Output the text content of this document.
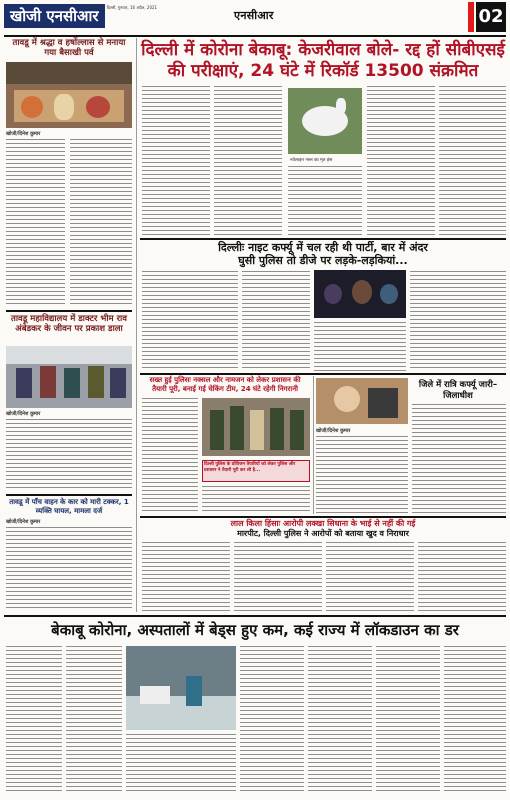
खोजी एनसीआर
गाज़ियाबाद, दिल्ली, गुरुवार, 16 अप्रैल, 2021
एनसीआर	02
तावडू में श्रद्धा व हर्षोल्लास से मनाया गया बैसाखी पर्व
खोजी/दिनेश कुमार
तावडू महाविद्यालय में डाक्टर भीम राव अंबेडकर के जीवन पर प्रकाश डाला
खोजी/दिनेश कुमार
तावडू में पाँच वाहन के कार को मारी टक्कर, 1 व्यक्ति घायल, मामला दर्ज
खोजी/दिनेश कुमार
दिल्ली में कोरोना बेकाबू: केजरीवाल बोले- रद्द हों सीबीएसई
की परीक्षाएं, 24 घंटे में रिकॉर्ड 13500 संक्रमित
नवेलाइन नस्ल का मृत हंस
दिल्लीः नाइट कर्फ्यू में चल रही थी पार्टी, बार में अंदर
घुसी पुलिस तो डीजे पर लड़के-लड़कियां...
सख्त हुई पुलिसः नक्सल और नामजन को लेकर प्रशासन की
तैयारी पूरी, बनाई गई चेकिंग टीम, 24 घंटे रहेगी निगरानी
दिल्ली पुलिस के प्रोविजन तैयारियों को लेकर पुलिस और प्रशासन ने तैयारी पूरी कर ली है...
जिले में रात्रि कर्फ्यू जारी–जिलाधीश
खोजी/दिनेश कुमार
लाल किला हिंसाः आरोपी लक्खा सिधाना के भाई से नहीं की गई
मारपीट, दिल्ली पुलिस ने आरोपों को बताया खुद व निराधार
बेकाबू कोरोना, अस्पतालों में बेड्स हुए कम, कई राज्य में लॉकडाउन का डर
